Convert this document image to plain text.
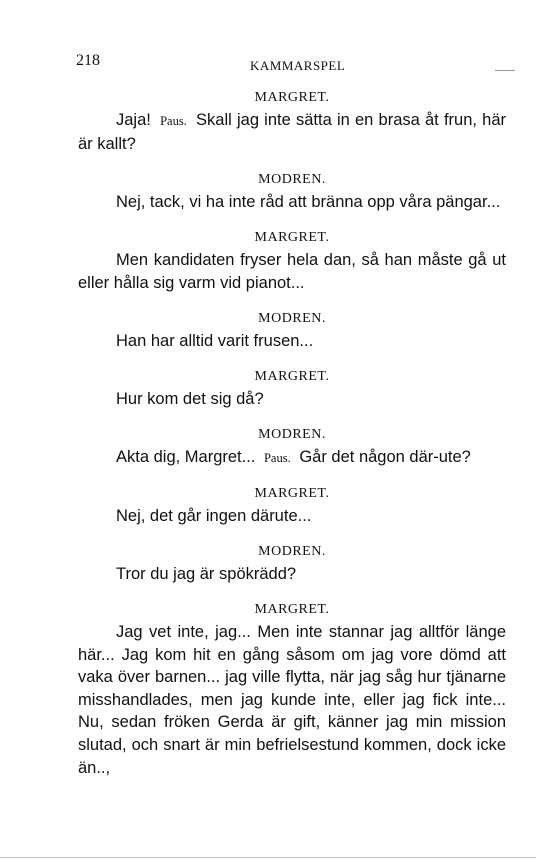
218	KAMMARSPEL
MARGRET.

Jaja! Paus. Skall jag inte sätta in en brasa åt frun, här är kallt?

MODREN.

Nej, tack, vi ha inte råd att bränna opp våra pängar...

MARGRET.

Men kandidaten fryser hela dan, så han måste gå ut eller hålla sig varm vid pianot...

MODREN.

Han har alltid varit frusen...

MARGRET.

Hur kom det sig då?

MODREN.

Akta dig, Margret... Paus. Går det någon där-ute?

MARGRET.

Nej, det går ingen därute...

MODREN.

Tror du jag är spökrädd?

MARGRET.

Jag vet inte, jag... Men inte stannar jag alltför länge här... Jag kom hit en gång såsom om jag vore dömd att vaka över barnen... jag ville flytta, när jag såg hur tjänarne misshandlades, men jag kunde inte, eller jag fick inte... Nu, sedan fröken Gerda är gift, känner jag min mission slutad, och snart är min befrielsestund kommen, dock icke än..,
